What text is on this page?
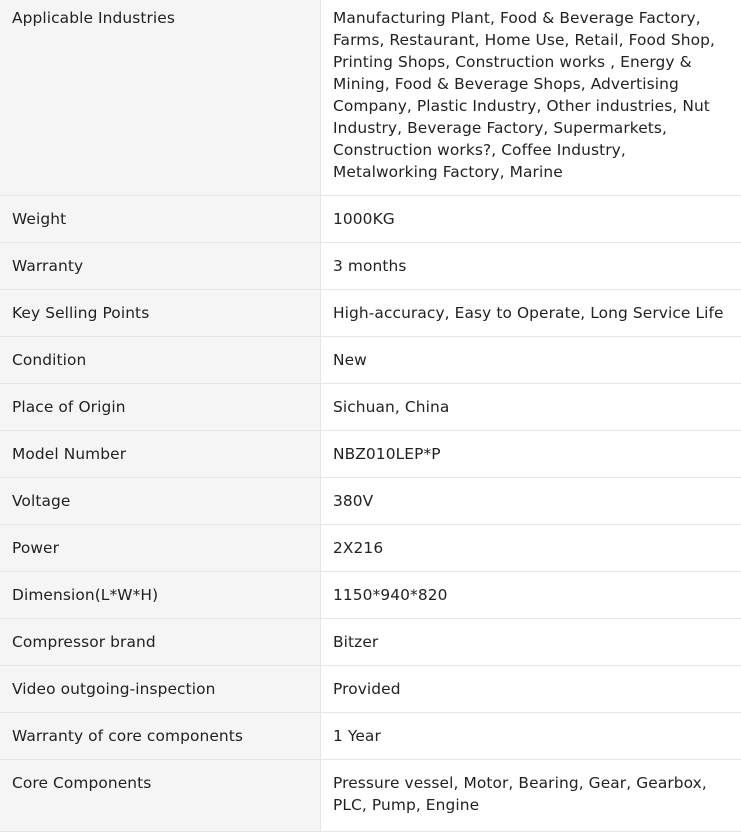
Applicable Industries	Manufacturing Plant, Food & Beverage Factory, Farms, Restaurant, Home Use, Retail, Food Shop, Printing Shops, Construction works , Energy & Mining, Food & Beverage Shops, Advertising Company, Plastic Industry, Other industries, Nut Industry, Beverage Factory, Supermarkets, Construction works?, Coffee Industry, Metalworking Factory, Marine
Weight	1000KG
Warranty	3 months
Key Selling Points	High-accuracy, Easy to Operate, Long Service Life
Condition	New
Place of Origin	Sichuan, China
Model Number	NBZ010LEP*P
Voltage	380V
Power	2X216
Dimension(L*W*H)	1150*940*820
Compressor brand	Bitzer
Video outgoing-inspection	Provided
Warranty of core components	1 Year
Core Components	Pressure vessel, Motor, Bearing, Gear, Gearbox, PLC, Pump, Engine
